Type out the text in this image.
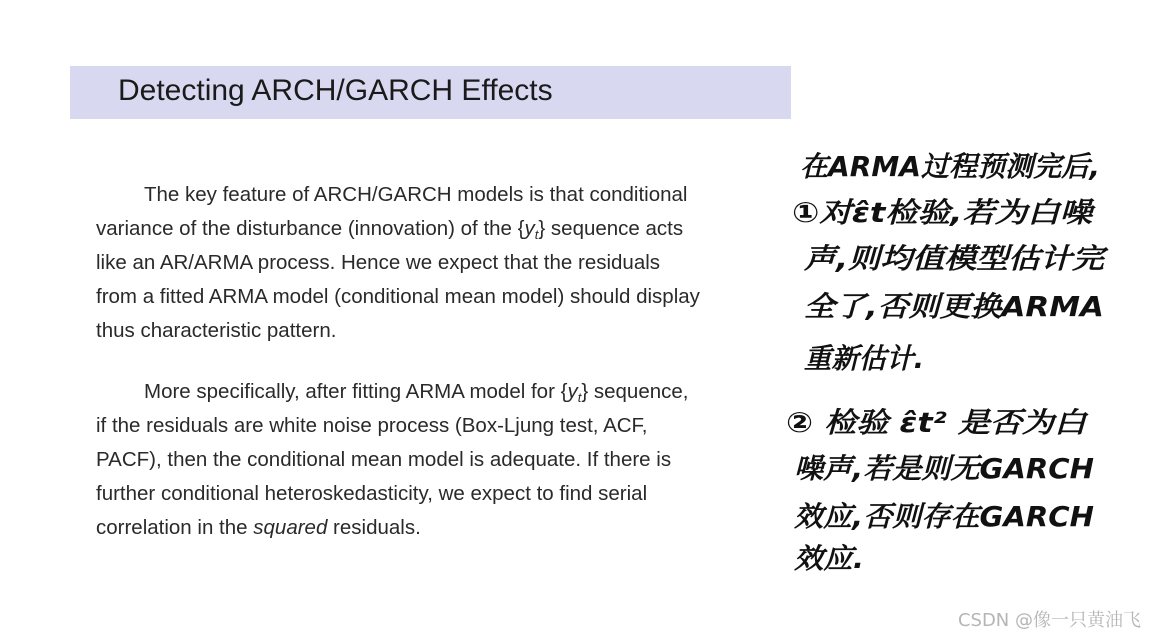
Detecting ARCH/GARCH Effects
The key feature of ARCH/GARCH models is that conditional
variance of the disturbance (innovation) of the $\{y_t\}$ sequence acts
like an AR/ARMA process. Hence we expect that the residuals
from a fitted ARMA model (conditional mean model) should display
thus characteristic pattern.
More specifically, after fitting ARMA model for $\{y_t\}$ sequence,
if the residuals are white noise process (Box-Ljung test, ACF,
PACF), then the conditional mean model is adequate. If there is
further conditional heteroskedasticity, we expect to find serial
correlation in the squared residuals.
在ARMA过程预测完后,
①对ε̂t检验,若为白噪
声,则均值模型估计完
全了,否则更换ARMA
重新估计.
② 检验 ε̂t² 是否为白
噪声,若是则无GARCH
效应,否则存在GARCH
效应.
CSDN @像一只黄油飞
